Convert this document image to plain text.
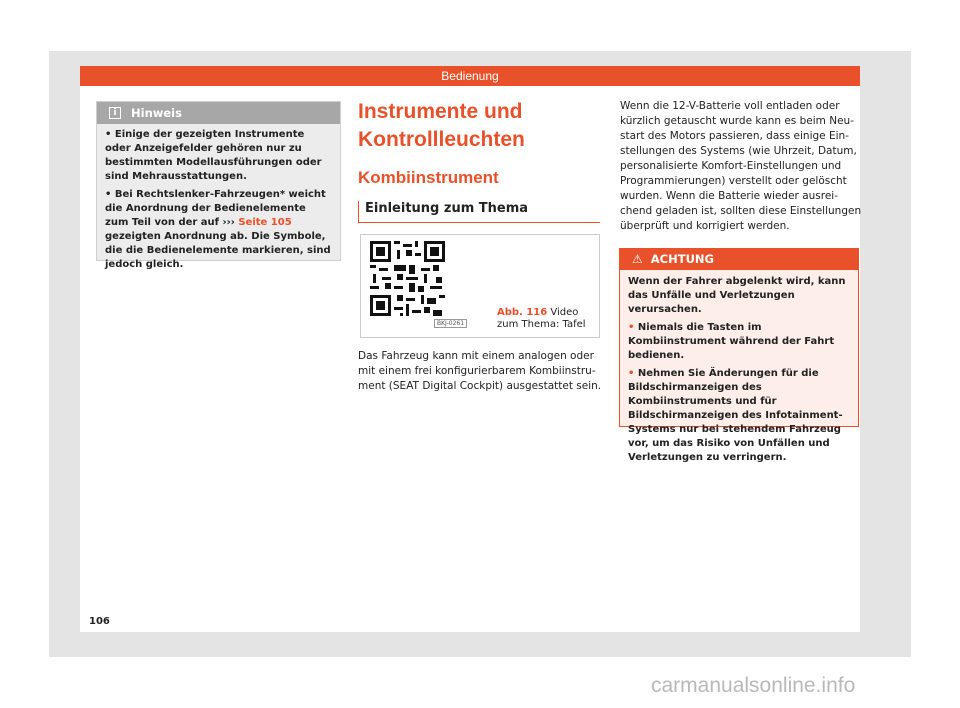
Bedienung
i	Hinweis

• Einige der gezeigten Instrumente oder Anzeigefelder gehören nur zu bestimmten Modellausführungen oder sind Mehrausstattungen.

• Bei Rechtslenker-Fahrzeugen* weicht die Anordnung der Bedienelemente zum Teil von der auf ››› Seite 105 gezeigten Anordnung ab. Die Symbole, die die Bedienelemente markieren, sind jedoch gleich.

Instrumente und Kontrollleuchten
Kombiinstrument
Einleitung zum Thema
BKJ-0261
Abb. 116 Video zum Thema: Tafel
Das Fahrzeug kann mit einem analogen oder mit einem frei konfigurierbarem Kombiinstrument (SEAT Digital Cockpit) ausgestattet sein.
Wenn die 12-V-Batterie voll entladen oder kürzlich getauscht wurde kann es beim Neustart des Motors passieren, dass einige Einstellungen des Systems (wie Uhrzeit, Datum, personalisierte Komfort-Einstellungen und Programmierungen) verstellt oder gelöscht wurden. Wenn die Batterie wieder ausreichend geladen ist, sollten diese Einstellungen überprüft und korrigiert werden.
⚠ ACHTUNG

Wenn der Fahrer abgelenkt wird, kann das Unfälle und Verletzungen verursachen.

• Niemals die Tasten im Kombiinstrument während der Fahrt bedienen.

• Nehmen Sie Änderungen für die Bildschirmanzeigen des Kombiinstruments und für Bildschirmanzeigen des Infotainment-Systems nur bei stehendem Fahrzeug vor, um das Risiko von Unfällen und Verletzungen zu verringern.

106
carmanualsonline.info
